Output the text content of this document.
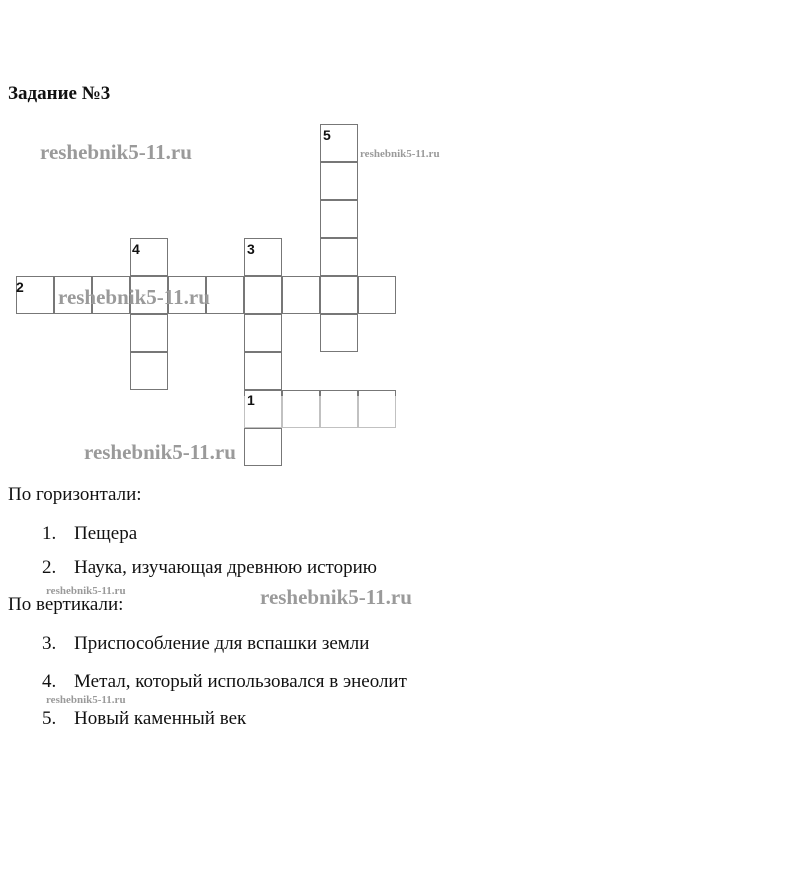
Задание №3
5
4	3
2
1
reshebnik5-11.ru	reshebnik5-11.ru
reshebnik5-11.ru
reshebnik5-11.ru
reshebnik5-11.ru	reshebnik5-11.ru
reshebnik5-11.ru
По горизонтали:
1. Пещера
2. Наука, изучающая древнюю историю
По вертикали:
3. Приспособление для вспашки земли
4. Метал, который использовался в энеолит
5. Новый каменный век
